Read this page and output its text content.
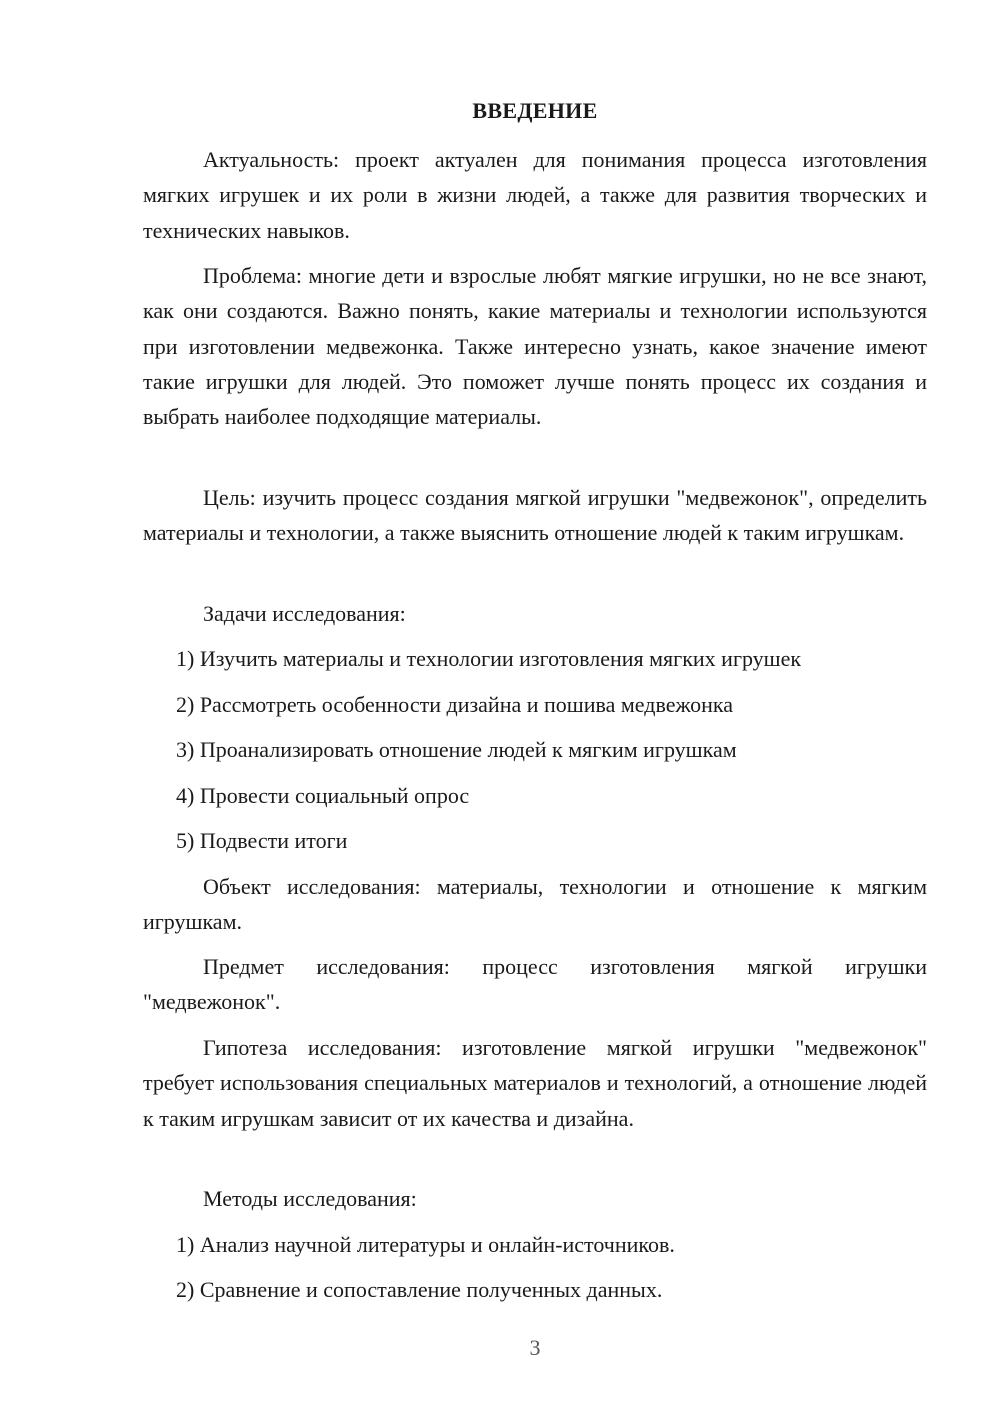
ВВЕДЕНИЕ

Актуальность: проект актуален для понимания процесса изготовления мягких игрушек и их роли в жизни людей, а также для развития творческих и технических навыков.

Проблема: многие дети и взрослые любят мягкие игрушки, но не все знают, как они создаются. Важно понять, какие материалы и технологии используются при изготовлении медвежонка. Также интересно узнать, какое значение имеют такие игрушки для людей. Это поможет лучше понять процесс их создания и выбрать наиболее подходящие материалы.

Цель: изучить процесс создания мягкой игрушки "медвежонок", определить материалы и технологии, а также выяснить отношение людей к таким игрушкам.

Задачи исследования:

1) Изучить материалы и технологии изготовления мягких игрушек

2) Рассмотреть особенности дизайна и пошива медвежонка

3) Проанализировать отношение людей к мягким игрушкам

4) Провести социальный опрос

5) Подвести итоги

Объект исследования: материалы, технологии и отношение к мягким игрушкам.

Предмет исследования: процесс изготовления мягкой игрушки "медвежонок".

Гипотеза исследования: изготовление мягкой игрушки "медвежонок" требует использования специальных материалов и технологий, а отношение людей к таким игрушкам зависит от их качества и дизайна.

Методы исследования:

1) Анализ научной литературы и онлайн-источников.

2) Сравнение и сопоставление полученных данных.

3
